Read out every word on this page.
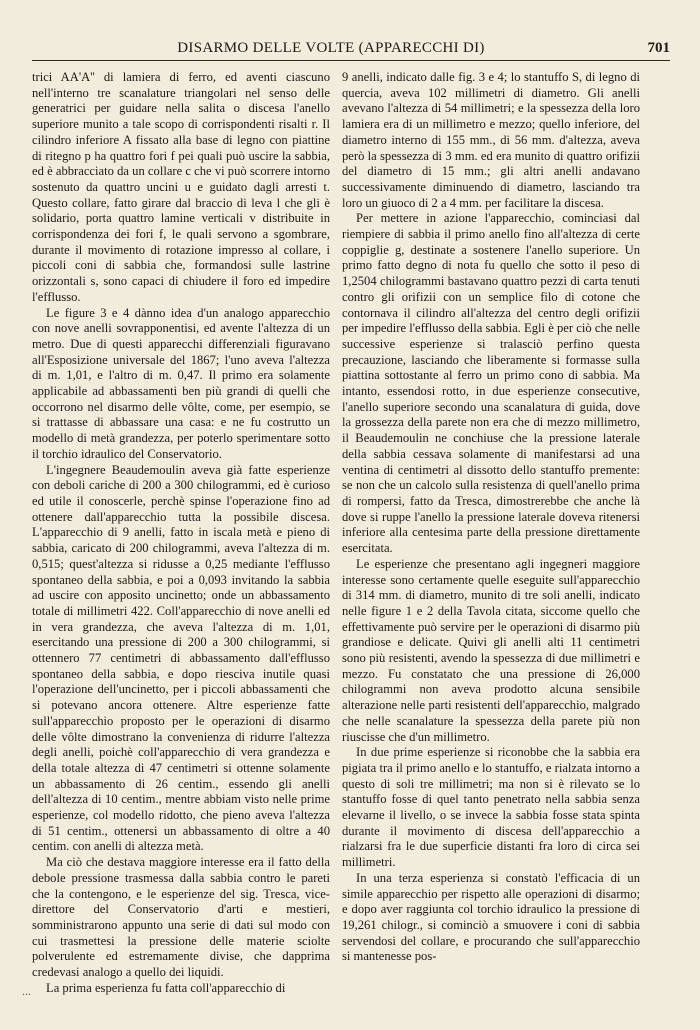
DISARMO DELLE VOLTE (APPARECCHI DI)	701

trici AA'A'' di lamiera di ferro, ed aventi ciascuno nell'interno tre scanalature triangolari nel senso delle generatrici per guidare nella salita o discesa l'anello superiore munito a tale scopo di corrispondenti risalti r. Il cilindro inferiore A fissato alla base di legno con piattine di ritegno p ha quattro fori f pei quali può uscire la sabbia, ed è abbracciato da un collare c che vi può scorrere intorno sostenuto da quattro uncini u e guidato dagli arresti t. Questo collare, fatto girare dal braccio di leva l che gli è solidario, porta quattro lamine verticali v distribuite in corrispondenza dei fori f, le quali servono a sgombrare, durante il movimento di rotazione impresso al collare, i piccoli coni di sabbia che, formandosi sulle lastrine orizzontali s, sono capaci di chiudere il foro ed impedire l'efflusso.

Le figure 3 e 4 dànno idea d'un analogo apparecchio con nove anelli sovrapponentisi, ed avente l'altezza di un metro. Due di questi apparecchi differenziali figuravano all'Esposizione universale del 1867; l'uno aveva l'altezza di m. 1,01, e l'altro di m. 0,47. Il primo era solamente applicabile ad abbassamenti ben più grandi di quelli che occorrono nel disarmo delle vôlte, come, per esempio, se si trattasse di abbassare una casa: e ne fu costrutto un modello di metà grandezza, per poterlo sperimentare sotto il torchio idraulico del Conservatorio.

L'ingegnere Beaudemoulin aveva già fatte esperienze con deboli cariche di 200 a 300 chilogrammi, ed è curioso ed utile il conoscerle, perchè spinse l'operazione fino ad ottenere dall'apparecchio tutta la possibile discesa. L'apparecchio di 9 anelli, fatto in iscala metà e pieno di sabbia, caricato di 200 chilogrammi, aveva l'altezza di m. 0,515; quest'altezza si ridusse a 0,25 mediante l'efflusso spontaneo della sabbia, e poi a 0,093 invitando la sabbia ad uscire con apposito uncinetto; onde un abbassamento totale di millimetri 422. Coll'apparecchio di nove anelli ed in vera grandezza, che aveva l'altezza di m. 1,01, esercitando una pressione di 200 a 300 chilogrammi, si ottennero 77 centimetri di abbassamento dall'efflusso spontaneo della sabbia, e dopo riesciva inutile quasi l'operazione dell'uncinetto, per i piccoli abbassamenti che si potevano ancora ottenere. Altre esperienze fatte sull'apparecchio proposto per le operazioni di disarmo delle vôlte dimostrano la convenienza di ridurre l'altezza degli anelli, poichè coll'apparecchio di vera grandezza e della totale altezza di 47 centimetri si ottenne solamente un abbassamento di 26 centim., essendo gli anelli dell'altezza di 10 centim., mentre abbiam visto nelle prime esperienze, col modello ridotto, che pieno aveva l'altezza di 51 centim., ottenersi un abbassamento di oltre a 40 centim. con anelli di altezza metà.

Ma ciò che destava maggiore interesse era il fatto della debole pressione trasmessa dalla sabbia contro le pareti che la contengono, e le esperienze del sig. Tresca, vice-direttore del Conservatorio d'arti e mestieri, somministrarono appunto una serie di dati sul modo con cui trasmettesi la pressione delle materie sciolte polverulente ed estremamente divise, che dapprima credevasi analogo a quello dei liquidi.

La prima esperienza fu fatta coll'apparecchio di

9 anelli, indicato dalle fig. 3 e 4; lo stantuffo S, di legno di quercia, aveva 102 millimetri di diametro. Gli anelli avevano l'altezza di 54 millimetri; e la spessezza della loro lamiera era di un millimetro e mezzo; quello inferiore, del diametro interno di 155 mm., di 56 mm. d'altezza, aveva però la spessezza di 3 mm. ed era munito di quattro orifizii del diametro di 15 mm.; gli altri anelli andavano successivamente diminuendo di diametro, lasciando tra loro un giuoco di 2 a 4 mm. per facilitare la discesa.

Per mettere in azione l'apparecchio, cominciasi dal riempiere di sabbia il primo anello fino all'altezza di certe coppiglie g, destinate a sostenere l'anello superiore. Un primo fatto degno di nota fu quello che sotto il peso di 1,2504 chilogrammi bastavano quattro pezzi di carta tenuti contro gli orifizii con un semplice filo di cotone che contornava il cilindro all'altezza del centro degli orifizii per impedire l'efflusso della sabbia. Egli è per ciò che nelle successive esperienze si tralasciò perfino questa precauzione, lasciando che liberamente si formasse sulla piattina sottostante al ferro un primo cono di sabbia. Ma intanto, essendosi rotto, in due esperienze consecutive, l'anello superiore secondo una scanalatura di guida, dove la grossezza della parete non era che di mezzo millimetro, il Beaudemoulin ne conchiuse che la pressione laterale della sabbia cessava solamente di manifestarsi ad una ventina di centimetri al dissotto dello stantuffo premente: se non che un calcolo sulla resistenza di quell'anello prima di rompersi, fatto da Tresca, dimostrerebbe che anche là dove si ruppe l'anello la pressione laterale doveva ritenersi inferiore alla centesima parte della pressione direttamente esercitata.

Le esperienze che presentano agli ingegneri maggiore interesse sono certamente quelle eseguite sull'apparecchio di 314 mm. di diametro, munito di tre soli anelli, indicato nelle figure 1 e 2 della Tavola citata, siccome quello che effettivamente può servire per le operazioni di disarmo più grandiose e delicate. Quivi gli anelli alti 11 centimetri sono più resistenti, avendo la spessezza di due millimetri e mezzo. Fu constatato che una pressione di 26,000 chilogrammi non aveva prodotto alcuna sensibile alterazione nelle parti resistenti dell'apparecchio, malgrado che nelle scanalature la spessezza della parete più non riuscisse che d'un millimetro.

In due prime esperienze si riconobbe che la sabbia era pigiata tra il primo anello e lo stantuffo, e rialzata intorno a questo di soli tre millimetri; ma non si è rilevato se lo stantuffo fosse di quel tanto penetrato nella sabbia senza elevarne il livello, o se invece la sabbia fosse stata spinta durante il movimento di discesa dell'apparecchio a rialzarsi fra le due superficie distanti fra loro di circa sei millimetri.

In una terza esperienza si constatò l'efficacia di un simile apparecchio per rispetto alle operazioni di disarmo; e dopo aver raggiunta col torchio idraulico la pressione di 19,261 chilogr., si cominciò a smuovere i coni di sabbia servendosi del collare, e procurando che sull'apparecchio si mantenesse pos-

...
